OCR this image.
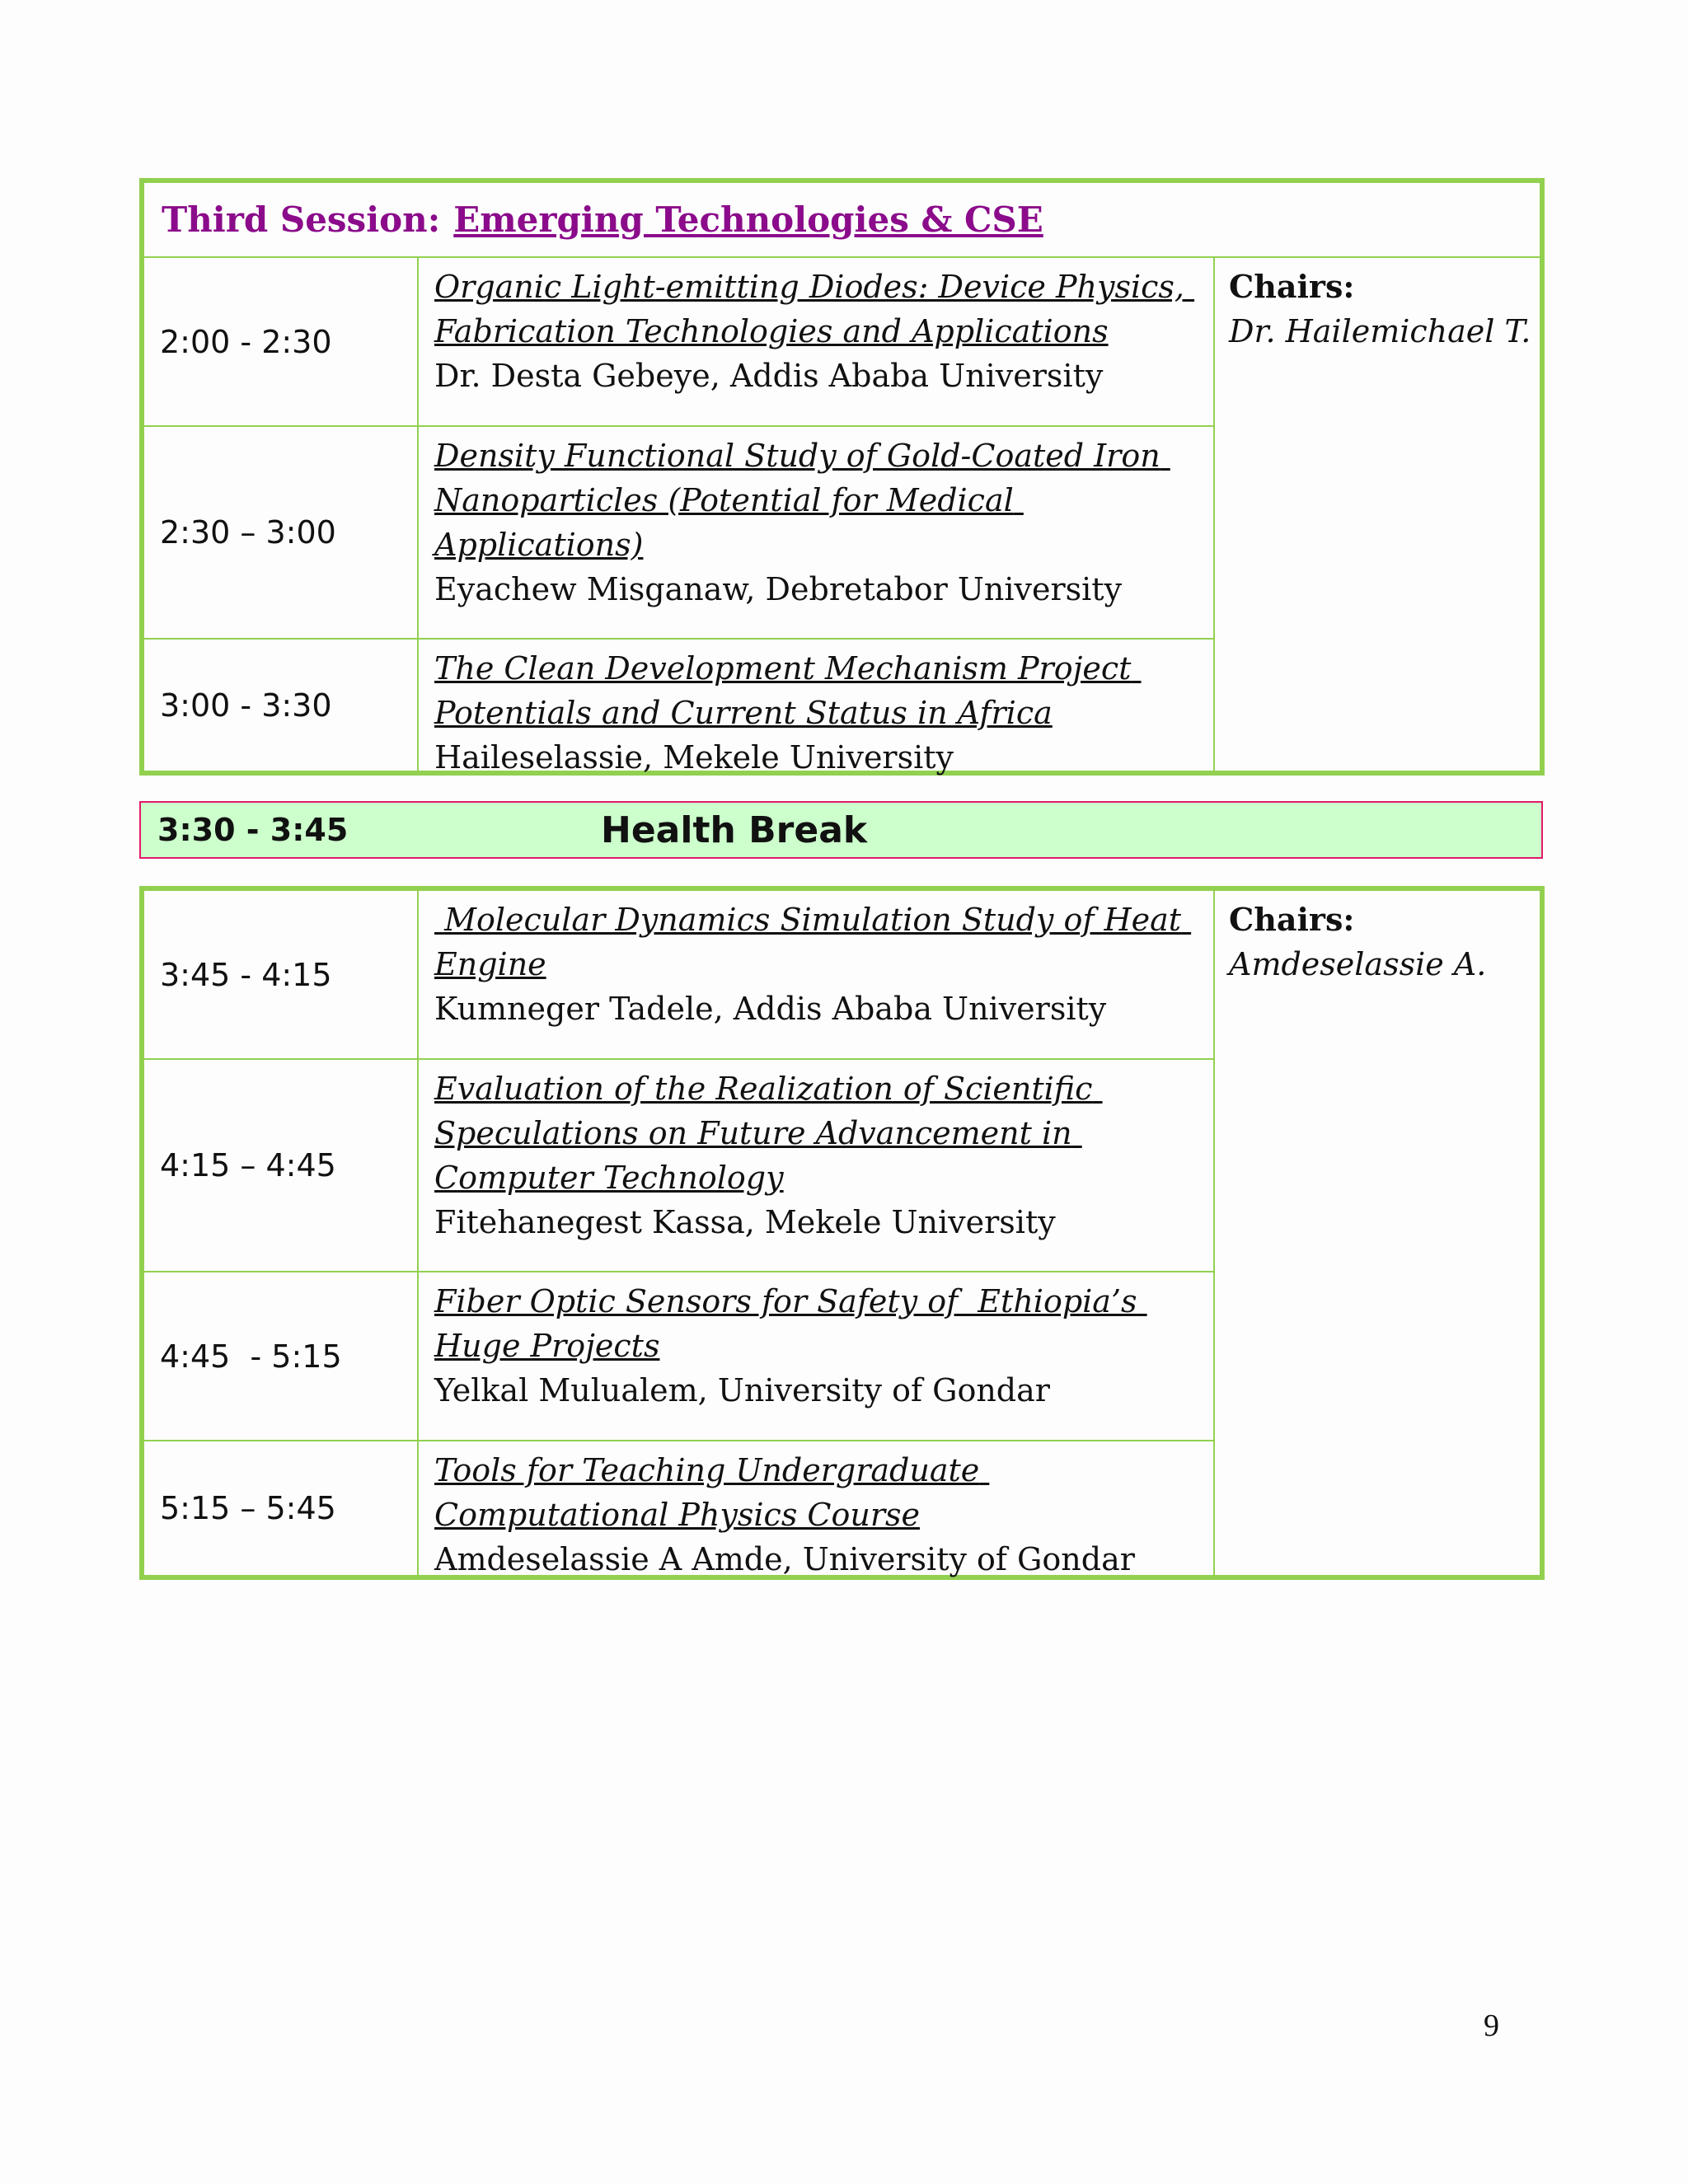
Third Session: Emerging Technologies & CSE
2:00 - 2:30
Organic Light-emitting Diodes: Device Physics, Fabrication Technologies and Applications
Dr. Desta Gebeye, Addis Ababa University
2:30 – 3:00
Density Functional Study of Gold-Coated Iron Nanoparticles (Potential for Medical Applications)
Eyachew Misganaw, Debretabor University
3:00 - 3:30
The Clean Development Mechanism Project Potentials and Current Status in Africa
Haileselassie, Mekele University
Chairs:
Dr. Hailemichael T.
3:30 - 3:45	Health Break
3:45 - 4:15
Molecular Dynamics Simulation Study of Heat Engine
Kumneger Tadele, Addis Ababa University
4:15 – 4:45
Evaluation of the Realization of Scientific Speculations on Future Advancement in Computer Technology
Fitehanegest Kassa, Mekele University
4:45  - 5:15
Fiber Optic Sensors for Safety of  Ethiopia’s Huge Projects
Yelkal Mulualem, University of Gondar
5:15 – 5:45
Tools for Teaching Undergraduate Computational Physics Course
Amdeselassie A Amde, University of Gondar
Chairs:
Amdeselassie A.
9
